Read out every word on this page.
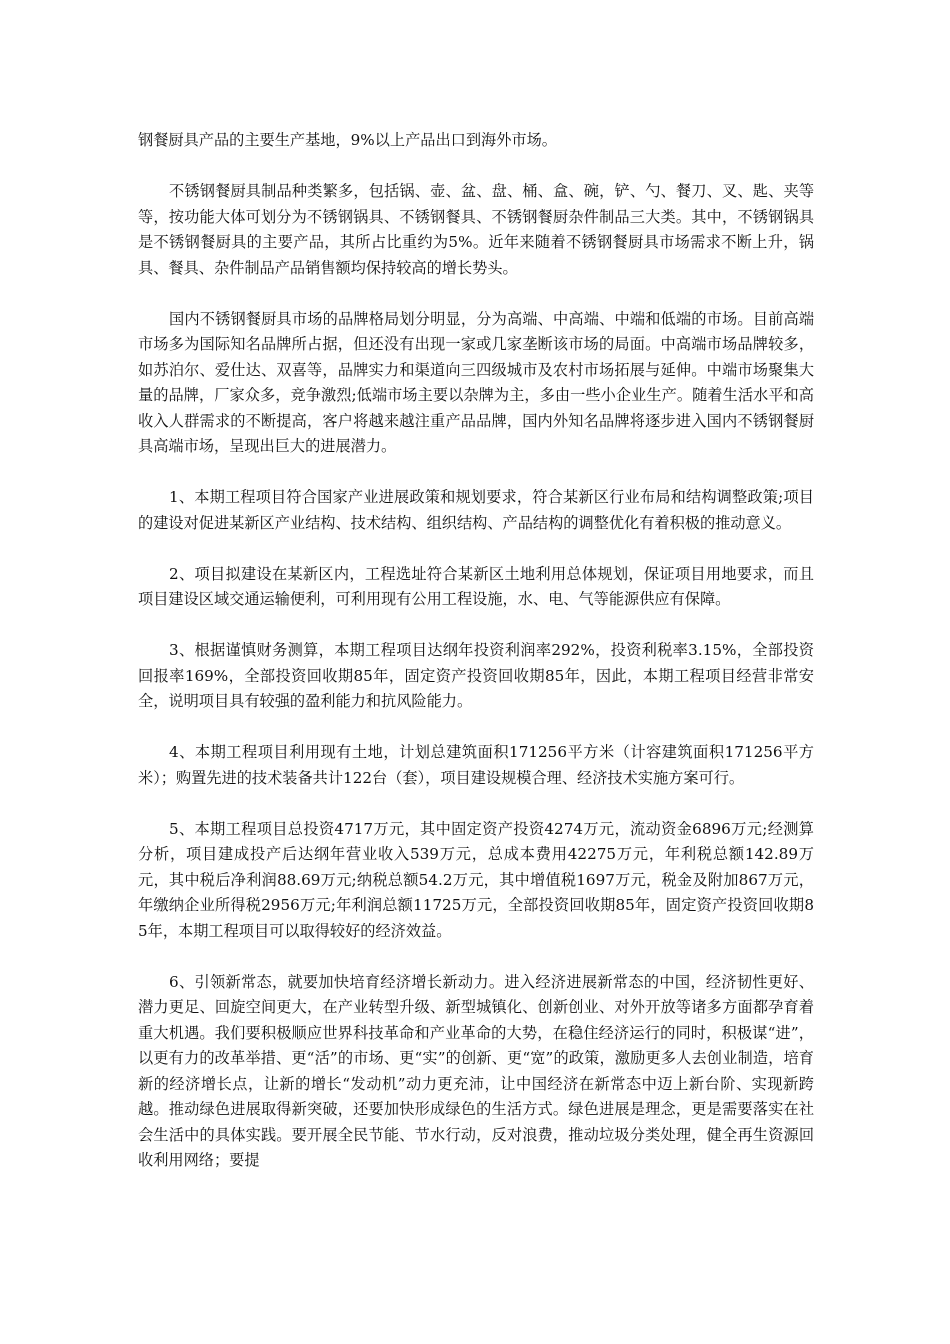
钢餐厨具产品的主要生产基地，9%以上产品出口到海外市场。

不锈钢餐厨具制品种类繁多，包括锅、壶、盆、盘、桶、盒、碗，铲、勺、餐刀、叉、匙、夹等等，按功能大体可划分为不锈钢锅具、不锈钢餐具、不锈钢餐厨杂件制品三大类。其中，不锈钢锅具是不锈钢餐厨具的主要产品，其所占比重约为5%。近年来随着不锈钢餐厨具市场需求不断上升，锅具、餐具、杂件制品产品销售额均保持较高的增长势头。

国内不锈钢餐厨具市场的品牌格局划分明显，分为高端、中高端、中端和低端的市场。目前高端市场多为国际知名品牌所占据，但还没有出现一家或几家垄断该市场的局面。中高端市场品牌较多，如苏泊尔、爱仕达、双喜等，品牌实力和渠道向三四级城市及农村市场拓展与延伸。中端市场聚集大量的品牌，厂家众多，竞争激烈;低端市场主要以杂牌为主，多由一些小企业生产。随着生活水平和高收入人群需求的不断提高，客户将越来越注重产品品牌，国内外知名品牌将逐步进入国内不锈钢餐厨具高端市场，呈现出巨大的进展潜力。

1、本期工程项目符合国家产业进展政策和规划要求，符合某新区行业布局和结构调整政策;项目的建设对促进某新区产业结构、技术结构、组织结构、产品结构的调整优化有着积极的推动意义。

2、项目拟建设在某新区内，工程选址符合某新区土地利用总体规划，保证项目用地要求，而且项目建设区域交通运输便利，可利用现有公用工程设施，水、电、气等能源供应有保障。

3、根据谨慎财务测算，本期工程项目达纲年投资利润率292%，投资利税率3.15%，全部投资回报率169%，全部投资回收期85年，固定资产投资回收期85年，因此，本期工程项目经营非常安全，说明项目具有较强的盈利能力和抗风险能力。

4、本期工程项目利用现有土地，计划总建筑面积171256平方米（计容建筑面积171256平方米）；购置先进的技术装备共计122台（套），项目建设规模合理、经济技术实施方案可行。

5、本期工程项目总投资4717万元，其中固定资产投资4274万元，流动资金6896万元;经测算分析，项目建成投产后达纲年营业收入539万元，总成本费用42275万元，年利税总额142.89万元，其中税后净利润88.69万元;纳税总额54.2万元，其中增值税1697万元，税金及附加867万元，年缴纳企业所得税2956万元;年利润总额11725万元，全部投资回收期85年，固定资产投资回收期85年，本期工程项目可以取得较好的经济效益。

6、引领新常态，就要加快培育经济增长新动力。进入经济进展新常态的中国，经济韧性更好、潜力更足、回旋空间更大，在产业转型升级、新型城镇化、创新创业、对外开放等诸多方面都孕育着重大机遇。我们要积极顺应世界科技革命和产业革命的大势，在稳住经济运行的同时，积极谋“进”，以更有力的改革举措、更“活”的市场、更“实”的创新、更“宽”的政策，激励更多人去创业制造，培育新的经济增长点，让新的增长“发动机”动力更充沛，让中国经济在新常态中迈上新台阶、实现新跨越。推动绿色进展取得新突破，还要加快形成绿色的生活方式。绿色进展是理念，更是需要落实在社会生活中的具体实践。要开展全民节能、节水行动，反对浪费，推动垃圾分类处理，健全再生资源回收利用网络；要提
